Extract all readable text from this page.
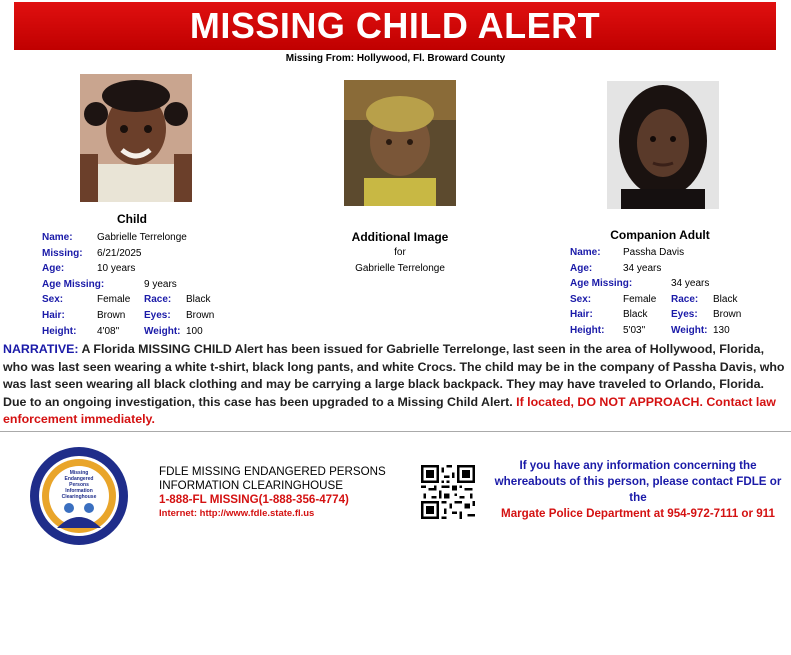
MISSING CHILD ALERT
Missing From: Hollywood, Fl. Broward County
Child
Name: Gabrielle Terrelonge
Missing: 6/21/2025
Age:	10 years
Age Missing:	9 years
Sex:	Female Race: Black
Hair:	Brown Eyes: Brown
Height: 4'08" Weight: 100
Additional Image
for
Gabrielle Terrelonge
Companion Adult
Name: Passha Davis
Age:	34 years
Age Missing:	34 years
Sex:	Female Race: Black
Hair:	Black Eyes: Brown
Height: 5'03"	Weight: 130
NARRATIVE: A Florida MISSING CHILD Alert has been issued for Gabrielle Terrelonge, last seen in the area of Hollywood, Florida, who was last seen wearing a white t-shirt, black long pants, and white Crocs. The child may be in the company of Passha Davis, who was last seen wearing all black clothing and may be carrying a large black backpack. They may have traveled to Orlando, Florida. Due to an ongoing investigation, this case has been upgraded to a Missing Child Alert. If located, DO NOT APPROACH. Contact law enforcement immediately.
Missing
Endangered
Persons
Information
Clearinghouse
FDLE MISSING ENDANGERED PERSONS
INFORMATION CLEARINGHOUSE
1-888-FL MISSING(1-888-356-4774)
Internet: http://www.fdle.state.fl.us
If you have any information concerning the whereabouts of this person, please contact FDLE or the
Margate Police Department at 954-972-7111 or 911
